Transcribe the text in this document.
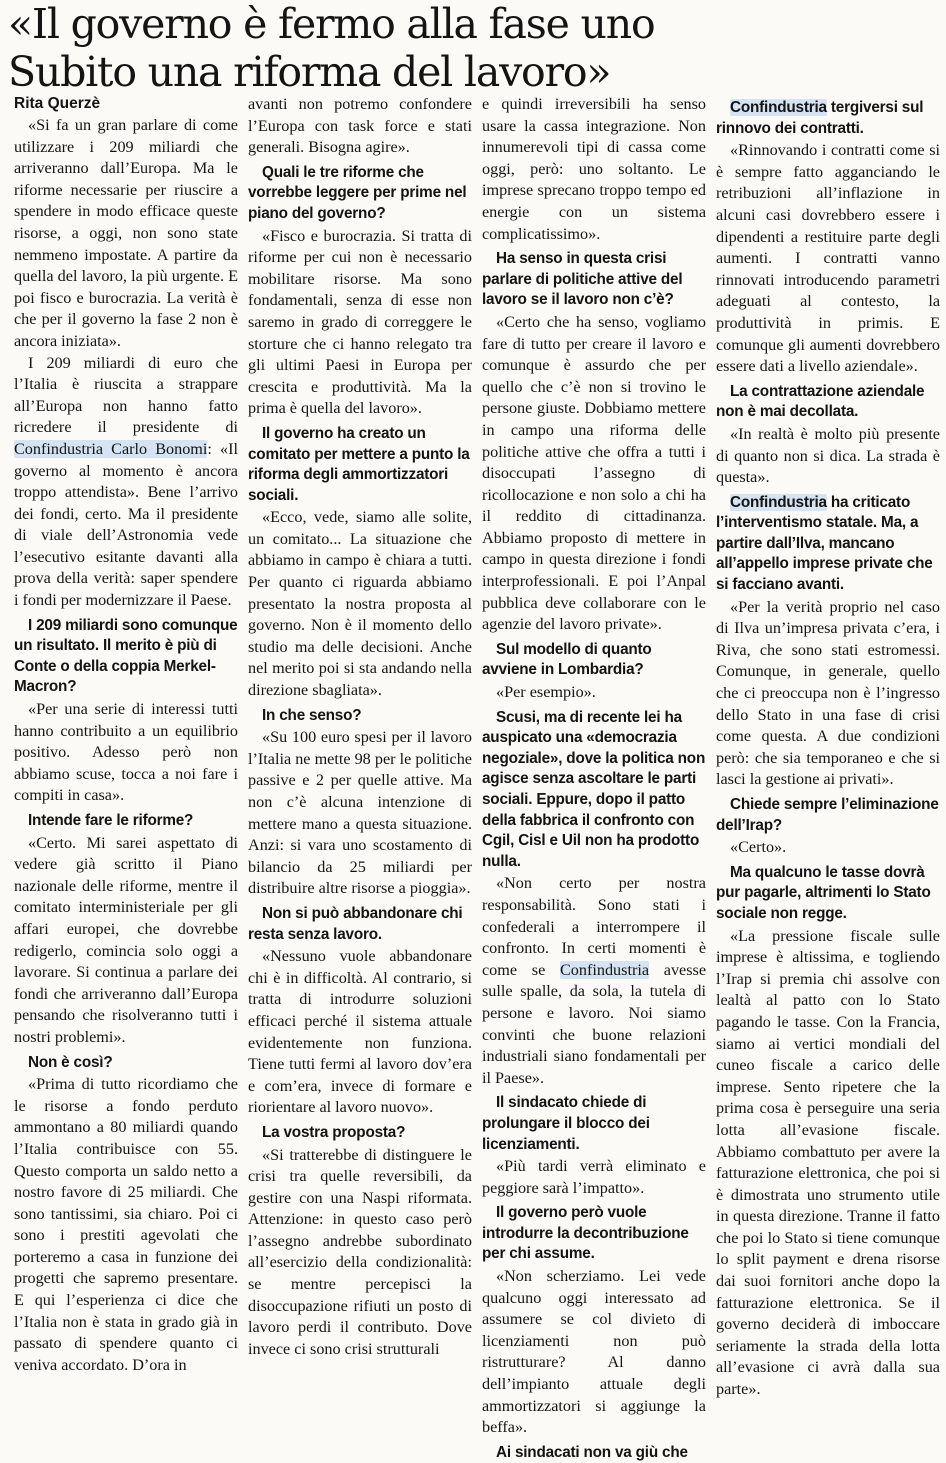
«Il governo è fermo alla fase uno
Subito una riforma del lavoro»
Rita Querzè

«Si fa un gran parlare di come utilizzare i 209 miliardi che arriveranno dall’Europa. Ma le riforme necessarie per riuscire a spendere in modo efficace queste risorse, a oggi, non sono state nemmeno impostate. A partire da quella del lavoro, la più urgente. E poi fisco e burocrazia. La verità è che per il governo la fase 2 non è ancora iniziata».

I 209 miliardi di euro che l’Italia è riuscita a strappare all’Europa non hanno fatto ricredere il presidente di Confindustria Carlo Bonomi: «Il governo al momento è ancora troppo attendista». Bene l’arrivo dei fondi, certo. Ma il presidente di viale dell’Astronomia vede l’esecutivo esitante davanti alla prova della verità: saper spendere i fondi per modernizzare il Paese.

I 209 miliardi sono comunque un risultato. Il merito è più di Conte o della coppia Merkel-Macron?

«Per una serie di interessi tutti hanno contribuito a un equilibrio positivo. Adesso però non abbiamo scuse, tocca a noi fare i compiti in casa».

Intende fare le riforme?

«Certo. Mi sarei aspettato di vedere già scritto il Piano nazionale delle riforme, mentre il comitato interministeriale per gli affari europei, che dovrebbe redigerlo, comincia solo oggi a lavorare. Si continua a parlare dei fondi che arriveranno dall’Europa pensando che risolveranno tutti i nostri problemi».

Non è così?

«Prima di tutto ricordiamo che le risorse a fondo perduto ammontano a 80 miliardi quando l’Italia contribuisce con 55. Questo comporta un saldo netto a nostro favore di 25 miliardi. Che sono tantissimi, sia chiaro. Poi ci sono i prestiti agevolati che porteremo a casa in funzione dei progetti che sapremo presentare. E qui l’esperienza ci dice che l’Italia non è stata in grado già in passato di spendere quanto ci veniva accordato. D’ora in

avanti non potremo confondere l’Europa con task force e stati generali. Bisogna agire».

Quali le tre riforme che vorrebbe leggere per prime nel piano del governo?

«Fisco e burocrazia. Si tratta di riforme per cui non è necessario mobilitare risorse. Ma sono fondamentali, senza di esse non saremo in grado di correggere le storture che ci hanno relegato tra gli ultimi Paesi in Europa per crescita e produttività. Ma la prima è quella del lavoro».

Il governo ha creato un comitato per mettere a punto la riforma degli ammortizzatori sociali.

«Ecco, vede, siamo alle solite, un comitato... La situazione che abbiamo in campo è chiara a tutti. Per quanto ci riguarda abbiamo presentato la nostra proposta al governo. Non è il momento dello studio ma delle decisioni. Anche nel merito poi si sta andando nella direzione sbagliata».

In che senso?

«Su 100 euro spesi per il lavoro l’Italia ne mette 98 per le politiche passive e 2 per quelle attive. Ma non c’è alcuna intenzione di mettere mano a questa situazione. Anzi: si vara uno scostamento di bilancio da 25 miliardi per distribuire altre risorse a pioggia».

Non si può abbandonare chi resta senza lavoro.

«Nessuno vuole abbandonare chi è in difficoltà. Al contrario, si tratta di introdurre soluzioni efficaci perché il sistema attuale evidentemente non funziona. Tiene tutti fermi al lavoro dov’era e com’era, invece di formare e riorientare al lavoro nuovo».

La vostra proposta?

«Si tratterebbe di distinguere le crisi tra quelle reversibili, da gestire con una Naspi riformata. Attenzione: in questo caso però l’assegno andrebbe subordinato all’esercizio della condizionalità: se mentre percepisci la disoccupazione rifiuti un posto di lavoro perdi il contributo. Dove invece ci sono crisi strutturali

e quindi irreversibili ha senso usare la cassa integrazione. Non innumerevoli tipi di cassa come oggi, però: uno soltanto. Le imprese sprecano troppo tempo ed energie con un sistema complicatissimo».

Ha senso in questa crisi parlare di politiche attive del lavoro se il lavoro non c’è?

«Certo che ha senso, vogliamo fare di tutto per creare il lavoro e comunque è assurdo che per quello che c’è non si trovino le persone giuste. Dobbiamo mettere in campo una riforma delle politiche attive che offra a tutti i disoccupati l’assegno di ricollocazione e non solo a chi ha il reddito di cittadinanza. Abbiamo proposto di mettere in campo in questa direzione i fondi interprofessionali. E poi l’Anpal pubblica deve collaborare con le agenzie del lavoro private».

Sul modello di quanto avviene in Lombardia?

«Per esempio».

Scusi, ma di recente lei ha auspicato una «democrazia negoziale», dove la politica non agisce senza ascoltare le parti sociali. Eppure, dopo il patto della fabbrica il confronto con Cgil, Cisl e Uil non ha prodotto nulla.

«Non certo per nostra responsabilità. Sono stati i confederali a interrompere il confronto. In certi momenti è come se Confindustria avesse sulle spalle, da sola, la tutela di persone e lavoro. Noi siamo convinti che buone relazioni industriali siano fondamentali per il Paese».

Il sindacato chiede di prolungare il blocco dei licenziamenti.

«Più tardi verrà eliminato e peggiore sarà l’impatto».

Il governo però vuole introdurre la decontribuzione per chi assume.

«Non scherziamo. Lei vede qualcuno oggi interessato ad assumere se col divieto di licenziamenti non può ristrutturare? Al danno dell’impianto attuale degli ammortizzatori si aggiunge la beffa».

Ai sindacati non va giù che
Confindustria tergiversi sul rinnovo dei contratti.

«Rinnovando i contratti come si è sempre fatto agganciando le retribuzioni all’inflazione in alcuni casi dovrebbero essere i dipendenti a restituire parte degli aumenti. I contratti vanno rinnovati introducendo parametri adeguati al contesto, la produttività in primis. E comunque gli aumenti dovrebbero essere dati a livello aziendale».

La contrattazione aziendale non è mai decollata.

«In realtà è molto più presente di quanto non si dica. La strada è questa».

Confindustria ha criticato l’interventismo statale. Ma, a partire dall’Ilva, mancano all’appello imprese private che si facciano avanti.

«Per la verità proprio nel caso di Ilva un’impresa privata c’era, i Riva, che sono stati estromessi. Comunque, in generale, quello che ci preoccupa non è l’ingresso dello Stato in una fase di crisi come questa. A due condizioni però: che sia temporaneo e che si lasci la gestione ai privati».

Chiede sempre l’eliminazione dell’Irap?

«Certo».

Ma qualcuno le tasse dovrà pur pagarle, altrimenti lo Stato sociale non regge.

«La pressione fiscale sulle imprese è altissima, e togliendo l’Irap si premia chi assolve con lealtà al patto con lo Stato pagando le tasse. Con la Francia, siamo ai vertici mondiali del cuneo fiscale a carico delle imprese. Sento ripetere che la prima cosa è perseguire una seria lotta all’evasione fiscale. Abbiamo combattuto per avere la fatturazione elettronica, che poi si è dimostrata uno strumento utile in questa direzione. Tranne il fatto che poi lo Stato si tiene comunque lo split payment e drena risorse dai suoi fornitori anche dopo la fatturazione elettronica. Se il governo deciderà di imboccare seriamente la strada della lotta all’evasione ci avrà dalla sua parte».
